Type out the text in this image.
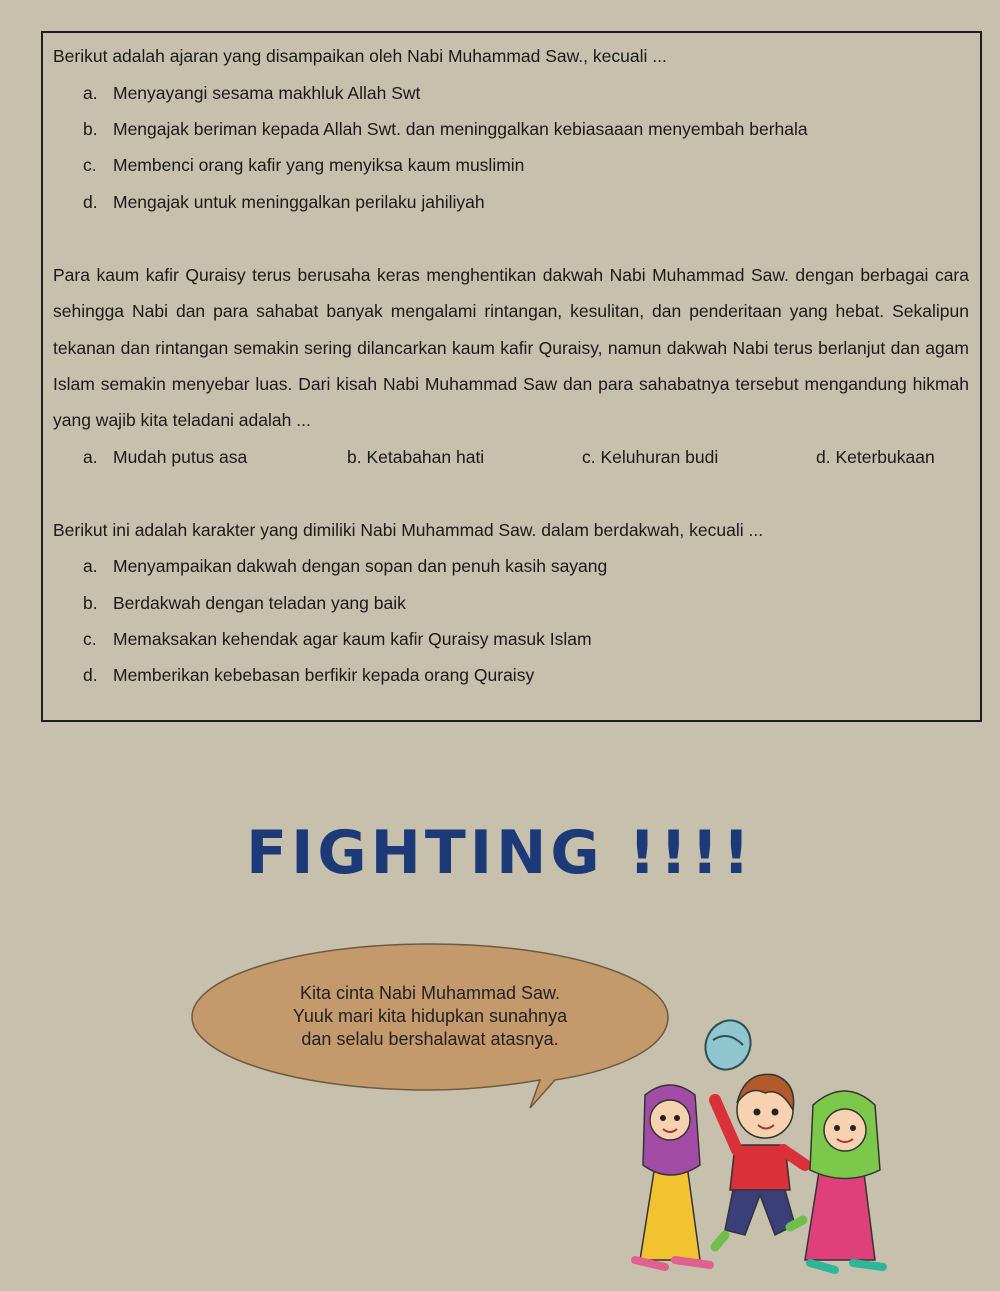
Berikut adalah ajaran yang disampaikan oleh Nabi Muhammad Saw., kecuali ...
a. Menyayangi sesama makhluk Allah Swt
b. Mengajak beriman kepada Allah Swt. dan meninggalkan kebiasaaan menyembah berhala
c. Membenci orang kafir yang menyiksa kaum muslimin
d. Mengajak untuk meninggalkan perilaku jahiliyah
Para kaum kafir Quraisy terus berusaha keras menghentikan dakwah Nabi Muhammad Saw. dengan berbagai cara sehingga Nabi dan para sahabat banyak mengalami rintangan, kesulitan, dan penderitaan yang hebat. Sekalipun tekanan dan rintangan semakin sering dilancarkan kaum kafir Quraisy, namun dakwah Nabi terus berlanjut dan agam Islam semakin menyebar luas. Dari kisah Nabi Muhammad Saw dan para sahabatnya tersebut mengandung hikmah yang wajib kita teladani adalah ...
a. Mudah putus asa	b. Ketabahan hati	c. Keluhuran budi	d. Keterbukaan
Berikut ini adalah karakter yang dimiliki Nabi Muhammad Saw. dalam berdakwah, kecuali ...
a. Menyampaikan dakwah dengan sopan dan penuh kasih sayang
b. Berdakwah dengan teladan yang baik
c. Memaksakan kehendak agar kaum kafir Quraisy masuk Islam
d. Memberikan kebebasan berfikir kepada orang Quraisy
FIGHTING !!!!
Kita cinta Nabi Muhammad Saw.
Yuuk mari kita hidupkan sunahnya
dan selalu bershalawat atasnya.
